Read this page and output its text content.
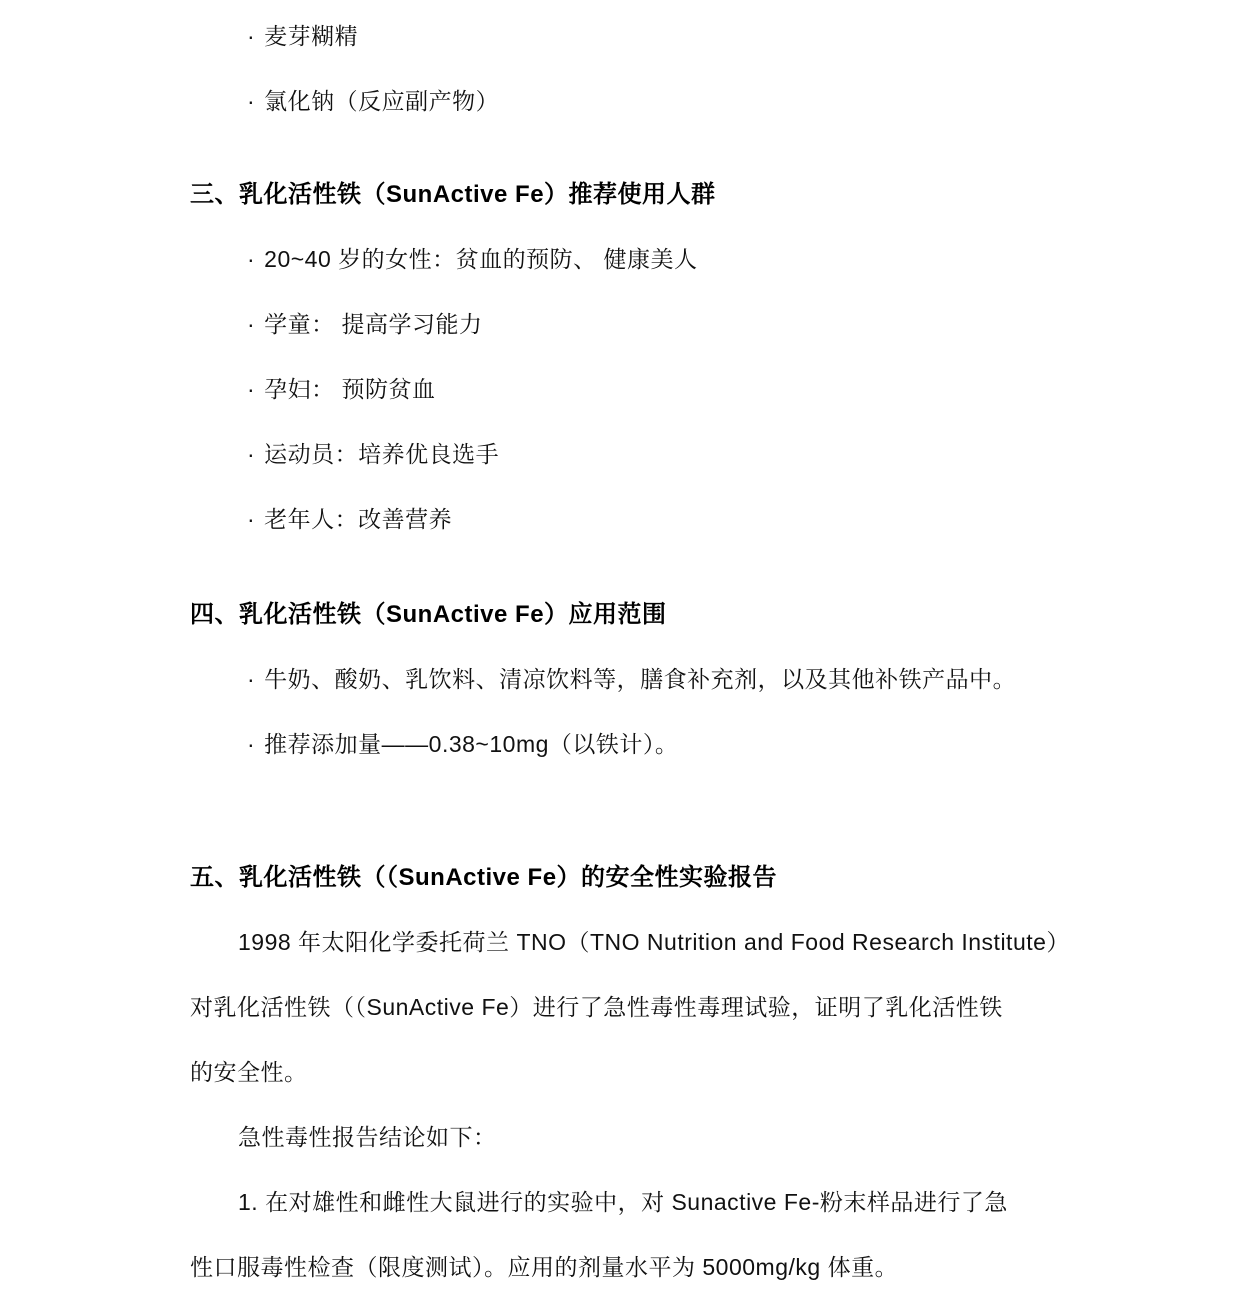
· 麦芽糊精
· 氯化钠（反应副产物）
三、乳化活性铁（SunActive Fe）推荐使用人群
· 20~40 岁的女性：贫血的预防、 健康美人
· 学童： 提高学习能力
· 孕妇： 预防贫血
· 运动员：培养优良选手
· 老年人：改善营养
四、乳化活性铁（SunActive Fe）应用范围
· 牛奶、酸奶、乳饮料、清凉饮料等，膳食补充剂，以及其他补铁产品中。
· 推荐添加量——0.38~10mg（以铁计）。
五、乳化活性铁（（SunActive Fe）的安全性实验报告
1998 年太阳化学委托荷兰 TNO（TNO Nutrition and Food Research Institute）
对乳化活性铁（（SunActive Fe）进行了急性毒性毒理试验，证明了乳化活性铁
的安全性。
急性毒性报告结论如下：
1. 在对雄性和雌性大鼠进行的实验中，对 Sunactive Fe-粉末样品进行了急
性口服毒性检查（限度测试）。应用的剂量水平为 5000mg/kg 体重。
